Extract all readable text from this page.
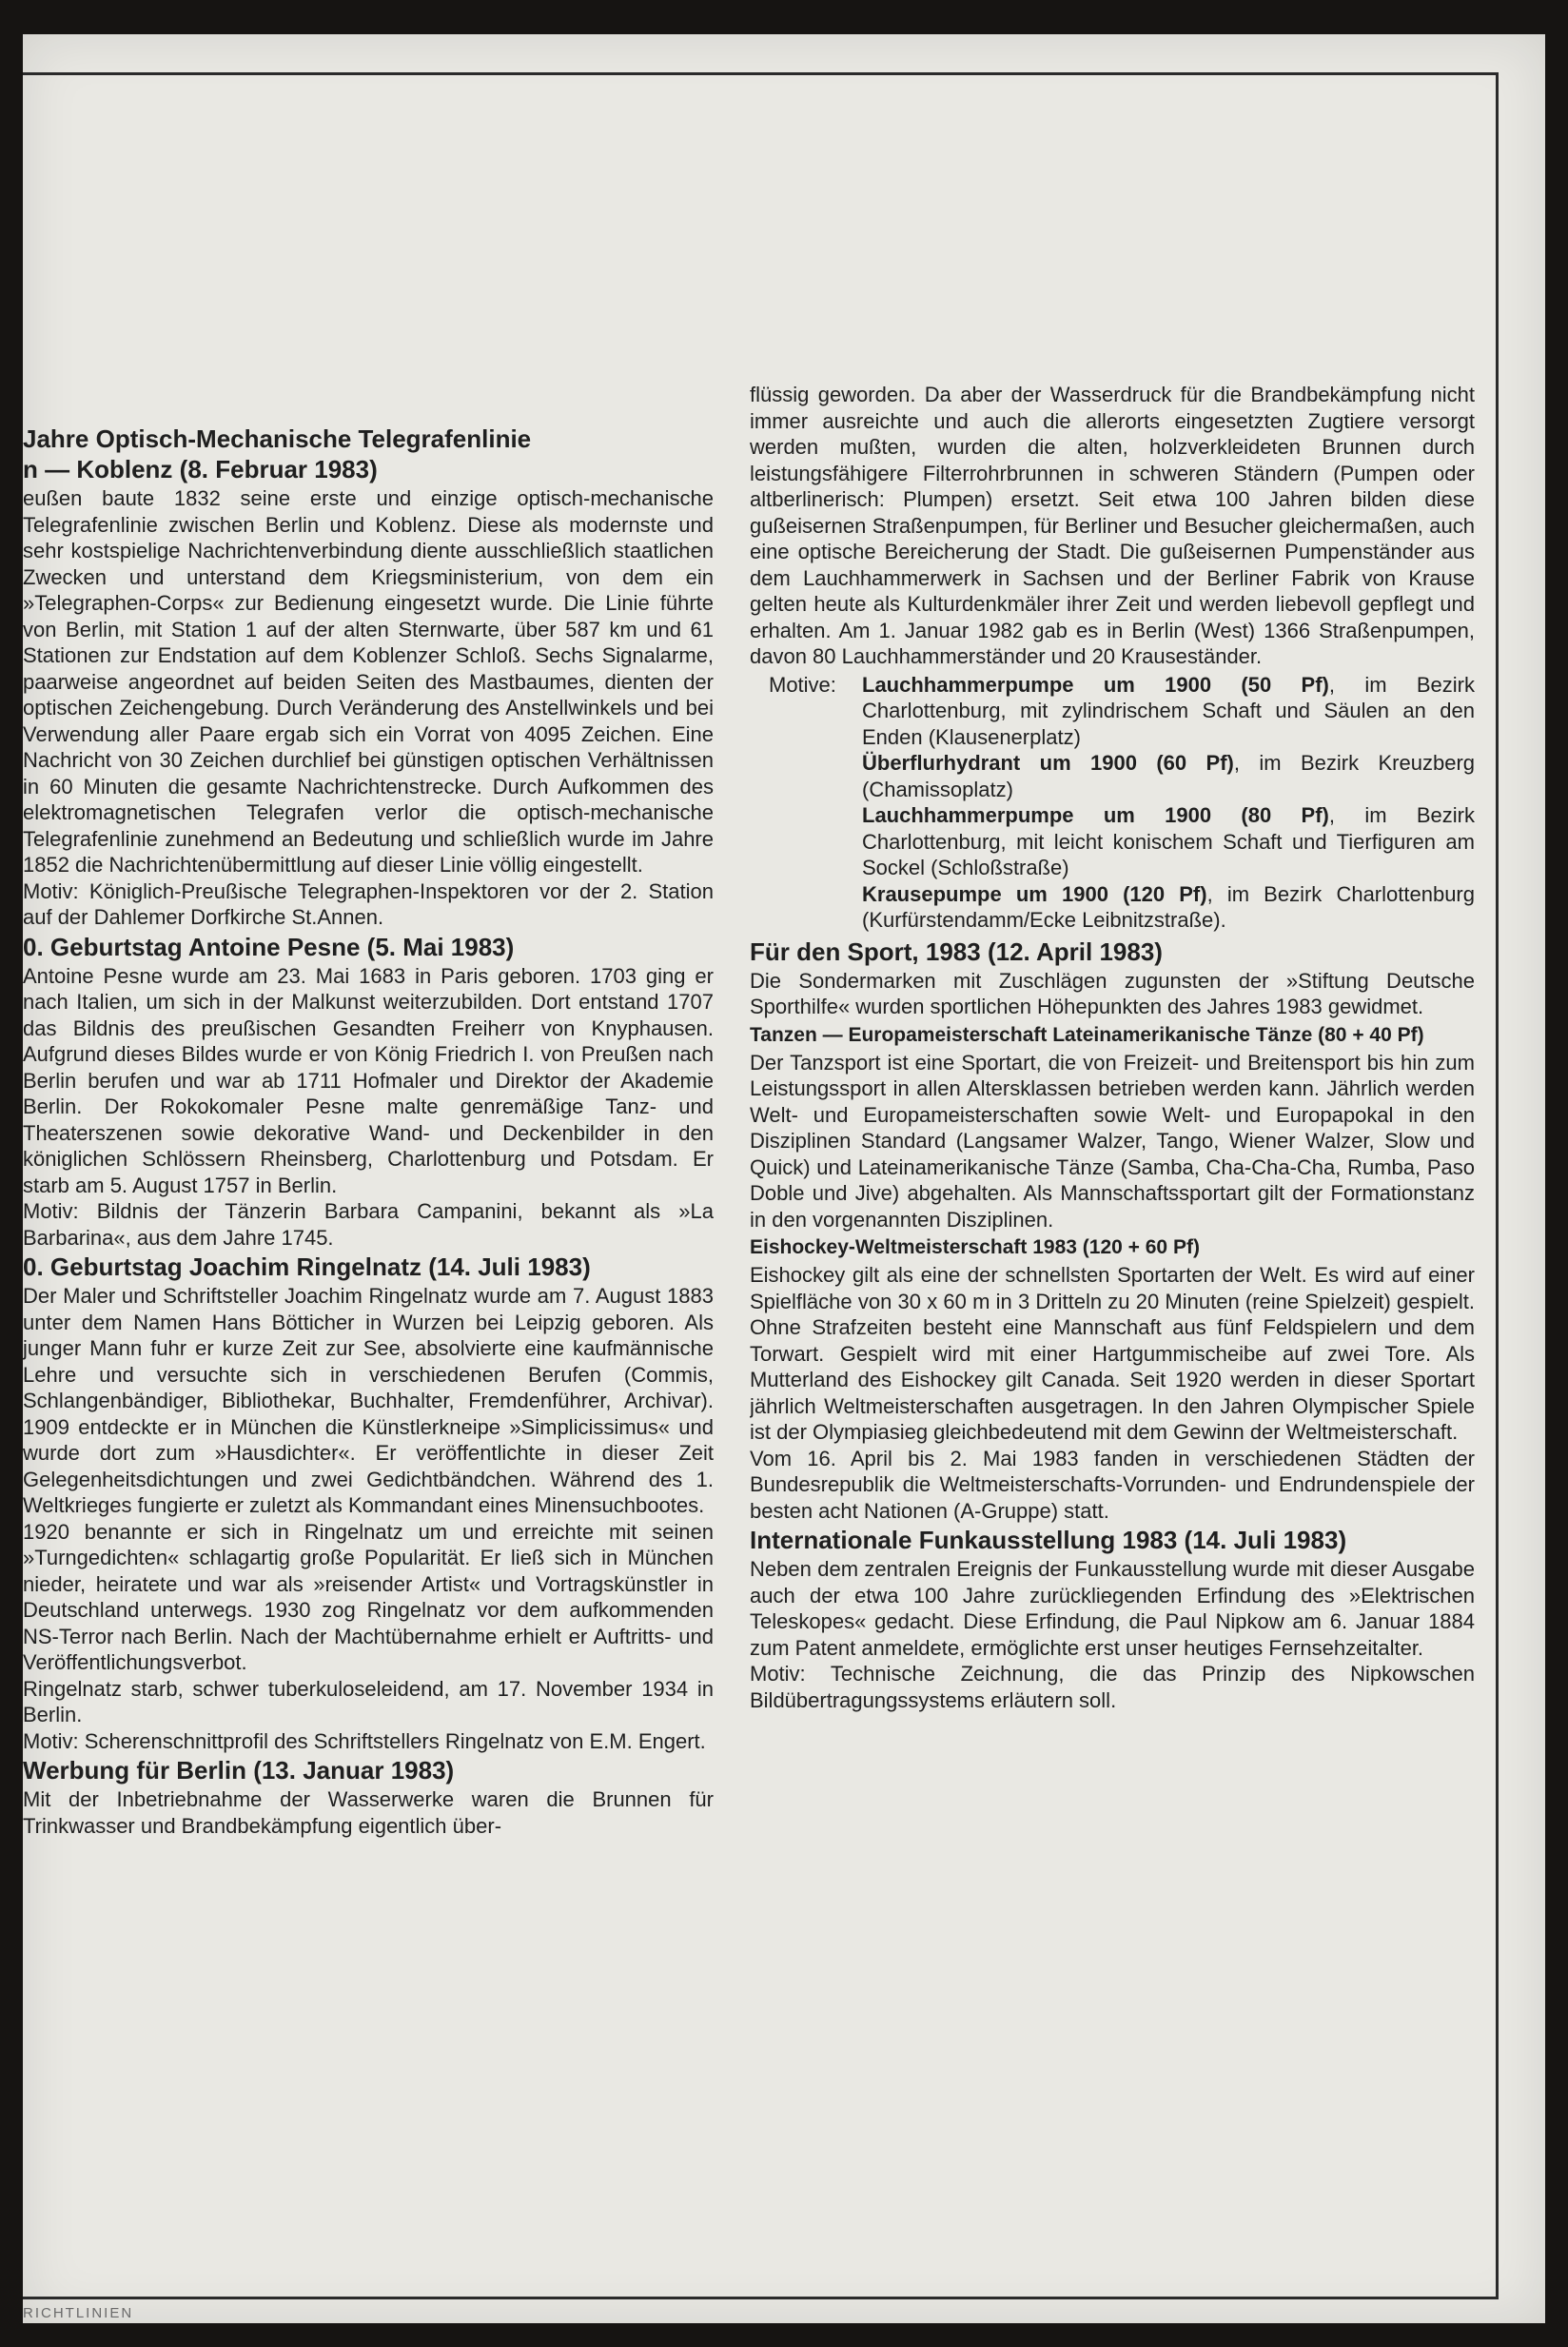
Jahre Optisch-Mechanische Telegrafenlinie
n — Koblenz (8. Februar 1983)

eußen baute 1832 seine erste und einzige optisch-mechanische Telegrafenlinie zwischen Berlin und Koblenz. Diese als modernste und sehr kostspielige Nachrichtenverbindung diente ausschließlich staatlichen Zwecken und unterstand dem Kriegsministerium, von dem ein »Telegraphen-Corps« zur Bedienung eingesetzt wurde. Die Linie führte von Berlin, mit Station 1 auf der alten Sternwarte, über 587 km und 61 Stationen zur Endstation auf dem Koblenzer Schloß. Sechs Signalarme, paarweise angeordnet auf beiden Seiten des Mastbaumes, dienten der optischen Zeichengebung. Durch Veränderung des Anstellwinkels und bei Verwendung aller Paare ergab sich ein Vorrat von 4095 Zeichen. Eine Nachricht von 30 Zeichen durchlief bei günstigen optischen Verhältnissen in 60 Minuten die gesamte Nachrichtenstrecke. Durch Aufkommen des elektromagnetischen Telegrafen verlor die optisch-mechanische Telegrafenlinie zunehmend an Bedeutung und schließlich wurde im Jahre 1852 die Nachrichtenübermittlung auf dieser Linie völlig eingestellt.

Motiv: Königlich-Preußische Telegraphen-Inspektoren vor der 2. Station auf der Dahlemer Dorfkirche St.Annen.

0. Geburtstag Antoine Pesne (5. Mai 1983)

Antoine Pesne wurde am 23. Mai 1683 in Paris geboren. 1703 ging er nach Italien, um sich in der Malkunst weiterzubilden. Dort entstand 1707 das Bildnis des preußischen Gesandten Freiherr von Knyphausen. Aufgrund dieses Bildes wurde er von König Friedrich I. von Preußen nach Berlin berufen und war ab 1711 Hofmaler und Direktor der Akademie Berlin. Der Rokokomaler Pesne malte genremäßige Tanz- und Theaterszenen sowie dekorative Wand- und Deckenbilder in den königlichen Schlössern Rheinsberg, Charlottenburg und Potsdam. Er starb am 5. August 1757 in Berlin.

Motiv: Bildnis der Tänzerin Barbara Campanini, bekannt als »La Barbarina«, aus dem Jahre 1745.

0. Geburtstag Joachim Ringelnatz (14. Juli 1983)

Der Maler und Schriftsteller Joachim Ringelnatz wurde am 7. August 1883 unter dem Namen Hans Bötticher in Wurzen bei Leipzig geboren. Als junger Mann fuhr er kurze Zeit zur See, absolvierte eine kaufmännische Lehre und versuchte sich in verschiedenen Berufen (Commis, Schlangenbändiger, Bibliothekar, Buchhalter, Fremdenführer, Archivar). 1909 entdeckte er in München die Künstlerkneipe »Simplicissimus« und wurde dort zum »Hausdichter«. Er veröffentlichte in dieser Zeit Gelegenheitsdichtungen und zwei Gedichtbändchen. Während des 1. Weltkrieges fungierte er zuletzt als Kommandant eines Minensuchbootes.

1920 benannte er sich in Ringelnatz um und erreichte mit seinen »Turngedichten« schlagartig große Popularität. Er ließ sich in München nieder, heiratete und war als »reisender Artist« und Vortragskünstler in Deutschland unterwegs. 1930 zog Ringelnatz vor dem aufkommenden NS-Terror nach Berlin. Nach der Machtübernahme erhielt er Auftritts- und Veröffentlichungsverbot.

Ringelnatz starb, schwer tuberkuloseleidend, am 17. November 1934 in Berlin.

Motiv: Scherenschnittprofil des Schriftstellers Ringelnatz von E.M. Engert.

Werbung für Berlin (13. Januar 1983)

Mit der Inbetriebnahme der Wasserwerke waren die Brunnen für Trinkwasser und Brandbekämpfung eigentlich über-

flüssig geworden. Da aber der Wasserdruck für die Brandbekämpfung nicht immer ausreichte und auch die allerorts eingesetzten Zugtiere versorgt werden mußten, wurden die alten, holzverkleideten Brunnen durch leistungsfähigere Filterrohrbrunnen in schweren Ständern (Pumpen oder altberlinerisch: Plumpen) ersetzt. Seit etwa 100 Jahren bilden diese gußeisernen Straßenpumpen, für Berliner und Besucher gleichermaßen, auch eine optische Bereicherung der Stadt. Die gußeisernen Pumpenständer aus dem Lauchhammerwerk in Sachsen und der Berliner Fabrik von Krause gelten heute als Kulturdenkmäler ihrer Zeit und werden liebevoll gepflegt und erhalten. Am 1. Januar 1982 gab es in Berlin (West) 1366 Straßenpumpen, davon 80 Lauchhammerständer und 20 Krauseständer.

Motive:	Lauchhammerpumpe um 1900 (50 Pf), im Bezirk Charlottenburg, mit zylindrischem Schaft und Säulen an den Enden (Klausenerplatz)
Überflurhydrant um 1900 (60 Pf), im Bezirk Kreuzberg (Chamissoplatz)
Lauchhammerpumpe um 1900 (80 Pf), im Bezirk Charlottenburg, mit leicht konischem Schaft und Tierfiguren am Sockel (Schloßstraße)
Krausepumpe um 1900 (120 Pf), im Bezirk Charlottenburg (Kurfürstendamm/Ecke Leibnitzstraße).
Für den Sport, 1983 (12. April 1983)

Die Sondermarken mit Zuschlägen zugunsten der »Stiftung Deutsche Sporthilfe« wurden sportlichen Höhepunkten des Jahres 1983 gewidmet.

Tanzen — Europameisterschaft Lateinamerikanische Tänze (80 + 40 Pf)

Der Tanzsport ist eine Sportart, die von Freizeit- und Breitensport bis hin zum Leistungssport in allen Altersklassen betrieben werden kann. Jährlich werden Welt- und Europameisterschaften sowie Welt- und Europapokal in den Disziplinen Standard (Langsamer Walzer, Tango, Wiener Walzer, Slow und Quick) und Lateinamerikanische Tänze (Samba, Cha-Cha-Cha, Rumba, Paso Doble und Jive) abgehalten. Als Mannschaftssportart gilt der Formationstanz in den vorgenannten Disziplinen.

Eishockey-Weltmeisterschaft 1983 (120 + 60 Pf)

Eishockey gilt als eine der schnellsten Sportarten der Welt. Es wird auf einer Spielfläche von 30 x 60 m in 3 Dritteln zu 20 Minuten (reine Spielzeit) gespielt. Ohne Strafzeiten besteht eine Mannschaft aus fünf Feldspielern und dem Torwart. Gespielt wird mit einer Hartgummischeibe auf zwei Tore. Als Mutterland des Eishockey gilt Canada. Seit 1920 werden in dieser Sportart jährlich Weltmeisterschaften ausgetragen. In den Jahren Olympischer Spiele ist der Olympiasieg gleichbedeutend mit dem Gewinn der Weltmeisterschaft.

Vom 16. April bis 2. Mai 1983 fanden in verschiedenen Städten der Bundesrepublik die Weltmeisterschafts-Vorrunden- und Endrundenspiele der besten acht Nationen (A-Gruppe) statt.

Internationale Funkausstellung 1983 (14. Juli 1983)

Neben dem zentralen Ereignis der Funkausstellung wurde mit dieser Ausgabe auch der etwa 100 Jahre zurückliegenden Erfindung des »Elektrischen Teleskopes« gedacht. Diese Erfindung, die Paul Nipkow am 6. Januar 1884 zum Patent anmeldete, ermöglichte erst unser heutiges Fernsehzeitalter.

Motiv: Technische Zeichnung, die das Prinzip des Nipkowschen Bildübertragungssystems erläutern soll.

RICHTLINIEN
